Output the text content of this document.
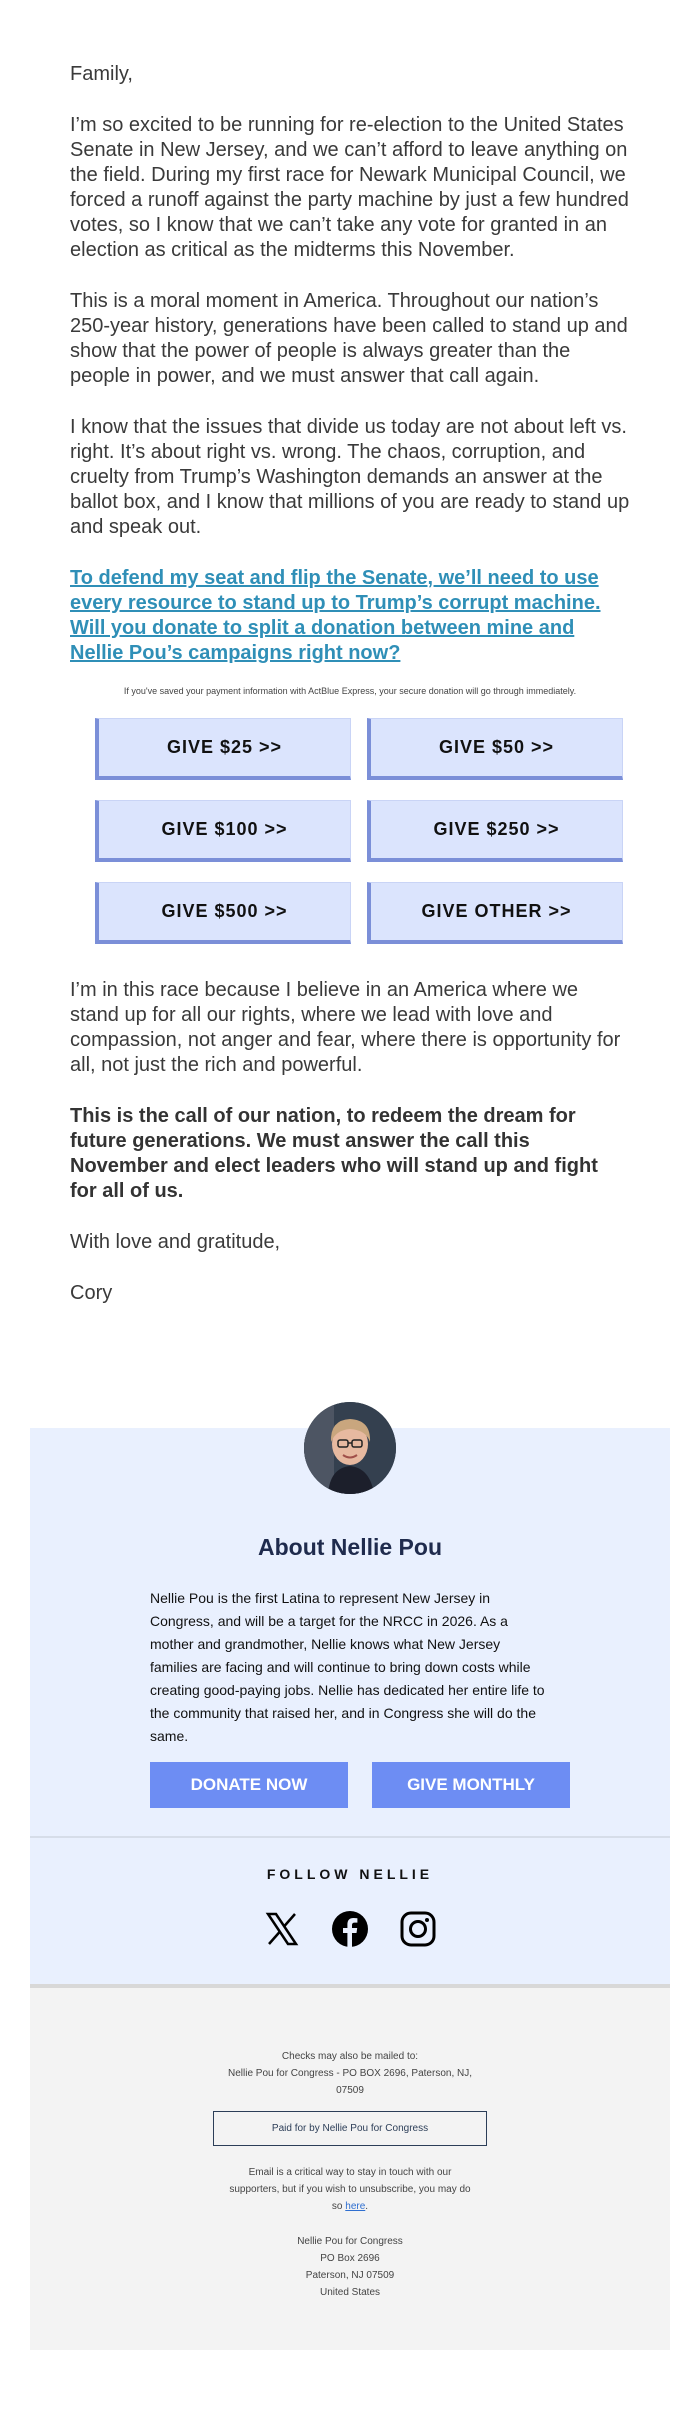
Family,

I’m so excited to be running for re-election to the United States Senate in New Jersey, and we can’t afford to leave anything on the field. During my first race for Newark Municipal Council, we forced a runoff against the party machine by just a few hundred votes, so I know that we can’t take any vote for granted in an election as critical as the midterms this November.

This is a moral moment in America. Throughout our nation’s 250-year history, generations have been called to stand up and show that the power of people is always greater than the people in power, and we must answer that call again.

I know that the issues that divide us today are not about left vs. right. It’s about right vs. wrong. The chaos, corruption, and cruelty from Trump’s Washington demands an answer at the ballot box, and I know that millions of you are ready to stand up and speak out.

To defend my seat and flip the Senate, we’ll need to use every resource to stand up to Trump’s corrupt machine. Will you donate to split a donation between mine and Nellie Pou’s campaigns right now?
If you've saved your payment information with ActBlue Express, your secure donation will go through immediately.
GIVE $25 >>	GIVE $50 >>
GIVE $100 >>	GIVE $250 >>
GIVE $500 >>	GIVE OTHER >>

I’m in this race because I believe in an America where we stand up for all our rights, where we lead with love and compassion, not anger and fear, where there is opportunity for all, not just the rich and powerful.

This is the call of our nation, to redeem the dream for future generations. We must answer the call this November and elect leaders who will stand up and fight for all of us.

With love and gratitude,

Cory

About Nellie Pou
Nellie Pou is the first Latina to represent New Jersey in Congress, and will be a target for the NRCC in 2026. As a mother and grandmother, Nellie knows what New Jersey families are facing and will continue to bring down costs while creating good-paying jobs. Nellie has dedicated her entire life to the community that raised her, and in Congress she will do the same.
DONATE NOW	GIVE MONTHLY
FOLLOW NELLIE
Checks may also be mailed to:
Nellie Pou for Congress - PO BOX 2696, Paterson, NJ, 07509
Paid for by Nellie Pou for Congress
Email is a critical way to stay in touch with our supporters, but if you wish to unsubscribe, you may do so here.
Nellie Pou for Congress
PO Box 2696
Paterson, NJ 07509
United States
